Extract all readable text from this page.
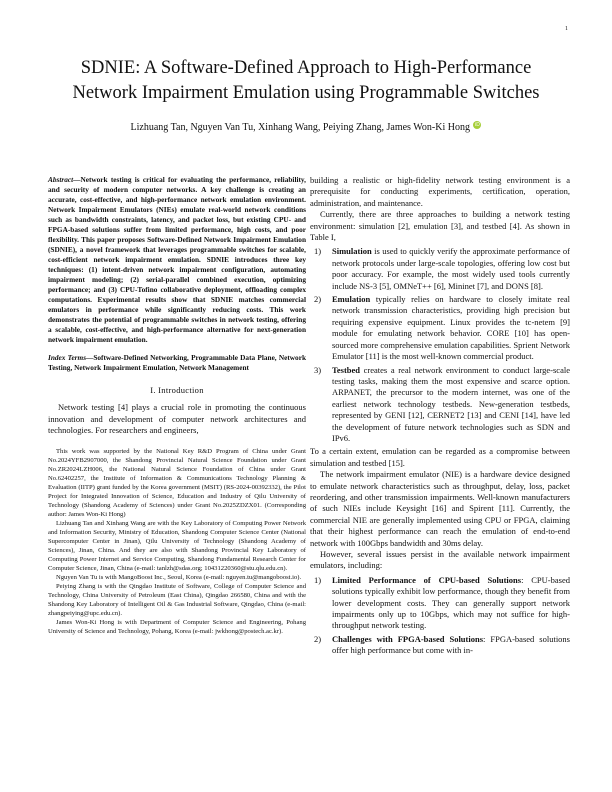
1
SDNIE: A Software-Defined Approach to High-Performance
Network Impairment Emulation using Programmable Switches
Lizhuang Tan, Nguyen Van Tu, Xinhang Wang, Peiying Zhang, James Won-Ki Hong iD

Abstract—Network testing is critical for evaluating the performance, reliability, and security of modern computer networks. A key challenge is creating an accurate, cost-effective, and high-performance network emulation environment. Network Impairment Emulators (NIEs) emulate real-world network conditions such as bandwidth constraints, latency, and packet loss, but existing CPU- and FPGA-based solutions suffer from limited performance, high costs, and poor flexibility. This paper proposes Software-Defined Network Impairment Emulation (SDNIE), a novel framework that leverages programmable switches for scalable, cost-efficient network impairment emulation. SDNIE introduces three key techniques: (1) intent-driven network impairment configuration, automating impairment modeling; (2) serial-parallel combined execution, optimizing performance; and (3) CPU-Tofino collaborative deployment, offloading complex computations. Experimental results show that SDNIE matches commercial emulators in performance while significantly reducing costs. This work demonstrates the potential of programmable switches in network testing, offering a scalable, cost-effective, and high-performance alternative for next-generation network impairment emulation.

Index Terms—Software-Defined Networking, Programmable Data Plane, Network Testing, Network Impairment Emulation, Network Management

I. Introduction

Network testing [4] plays a crucial role in promoting the continuous innovation and development of computer network architectures and technologies. For researchers and engineers,

This work was supported by the National Key R&D Program of China under Grant No.2024YFB2907000, the Shandong Provincial Natural Science Foundation under Grant No.ZR2024LZH006, the National Natural Science Foundation of China under Grant No.62402257, the Institute of Information & Communications Technology Planning & Evaluation (IITP) grant funded by the Korea government (MSIT) (RS-2024-00392332), the Pilot Project for Integrated Innovation of Science, Education and Industry of Qilu University of Technology (Shandong Academy of Sciences) under Grant No.2025ZDZX01. (Corresponding author: James Won-Ki Hong)

Lizhuang Tan and Xinhang Wang are with the Key Laboratory of Computing Power Network and Information Security, Ministry of Education, Shandong Computer Science Center (National Supercomputer Center in Jinan), Qilu University of Technology (Shandong Academy of Sciences), Jinan, China. And they are also with Shandong Provincial Key Laboratory of Computing Power Internet and Service Computing, Shandong Fundamental Research Center for Computer Science, Jinan, China (e-mail: tanlzh@sdas.org; 10431220360@stu.qlu.edu.cn).

Nguyen Van Tu is with MangoBoost Inc., Seoul, Korea (e-mail: nguyen.tu@mangoboost.io).

Peiying Zhang is with the Qingdao Institute of Software, College of Computer Science and Technology, China University of Petroleum (East China), Qingdao 266580, China and with the Shandong Key Laboratory of Intelligent Oil & Gas Industrial Software, Qingdao, China (e-mail: zhangpeiying@upc.edu.cn).

James Won-Ki Hong is with Department of Computer Science and Engineering, Pohang University of Science and Technology, Pohang, Korea (e-mail: jwkhong@postech.ac.kr).

building a realistic or high-fidelity network testing environment is a prerequisite for conducting experiments, certification, operation, administration, and maintenance.

Currently, there are three approaches to building a network testing environment: simulation [2], emulation [3], and testbed [4]. As shown in Table I,

1) Simulation is used to quickly verify the approximate performance of network protocols under large-scale topologies, offering low cost but poor accuracy. For example, the most widely used tools currently include NS-3 [5], OMNeT++ [6], Mininet [7], and DONS [8].
2) Emulation typically relies on hardware to closely imitate real network transmission characteristics, providing high precision but requiring expensive equipment. Linux provides the tc-netem [9] module for emulating network behavior. CORE [10] has open-sourced more comprehensive emulation capabilities. Sprient Network Emulator [11] is the most well-known commercial product.
3) Testbed creates a real network environment to conduct large-scale testing tasks, making them the most expensive and scarce option. ARPANET, the precursor to the modern internet, was one of the earliest network technology testbeds. New-generation testbeds, represented by GENI [12], CERNET2 [13] and CENI [14], have led the development of future network technologies such as SDN and IPv6.

To a certain extent, emulation can be regarded as a compromise between simulation and testbed [15].

The network impairment emulator (NIE) is a hardware device designed to emulate network characteristics such as throughput, delay, loss, packet reordering, and other transmission impairments. Well-known manufacturers of such NIEs include Keysight [16] and Spirent [11]. Currently, the commercial NIE are generally implemented using CPU or FPGA, claiming that their highest performance can reach the emulation of end-to-end network with 100Gbps bandwidth and 30ms delay.

However, several issues persist in the available network impairment emulators, including:

1) Limited Performance of CPU-based Solutions: CPU-based solutions typically exhibit low performance, though they benefit from lower development costs. They can generally support network impairments only up to 10Gbps, which may not suffice for high-throughput network testing.
2) Challenges with FPGA-based Solutions: FPGA-based solutions offer high performance but come with in-
